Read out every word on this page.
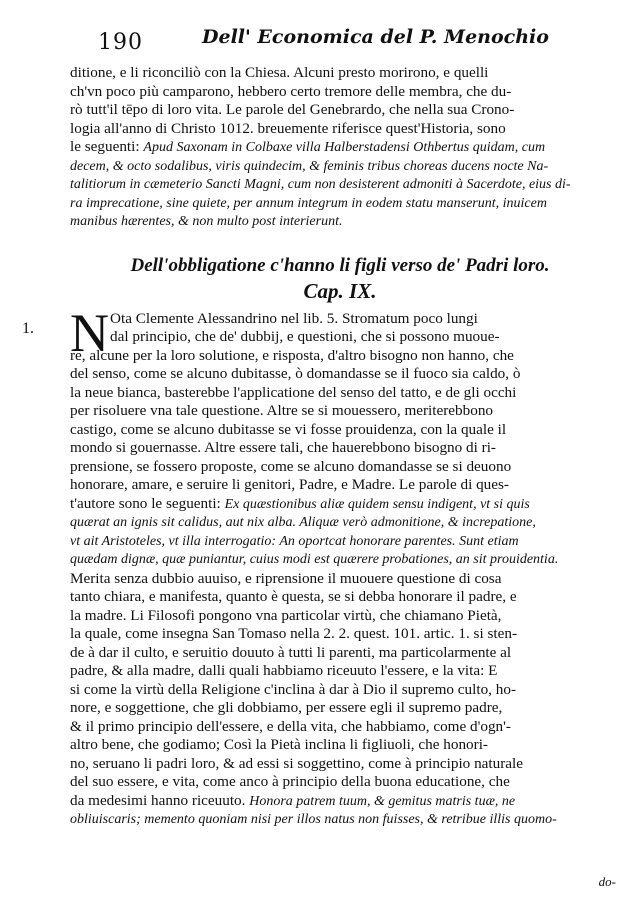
190	Dell' Economica del P. Menochio
ditione, e li riconciliò con la Chiesa. Alcuni presto morirono, e quelli
ch'vn poco più camparono, hebbero certo tremore delle membra, che du-
rò tutt'il tēpo di loro vita. Le parole del Genebrardo, che nella sua Crono-
logia all'anno di Christo 1012. breuemente riferisce quest'Historia, sono
le seguenti: Apud Saxonam in Colbaxe villa Halberstadensi Othbertus quidam, cum
decem, & octo sodalibus, viris quindecim, & feminis tribus choreas ducens nocte Na-
talitiorum in cæmeterio Sancti Magni, cum non desisterent admoniti à Sacerdote, eius di-
ra imprecatione, sine quiete, per annum integrum in eodem statu manserunt, inuicem
manibus hærentes, & non multo post interierunt.
Dell'obbligatione c'hanno li figli verso de' Padri loro.
Cap. IX.
1. N Ota Clemente Alessandrino nel lib. 5. Stromatum poco lungi
dal principio, che de' dubbij, e questioni, che si possono muoue-
re, alcune per la loro solutione, e risposta, d'altro bisogno non hanno, che
del senso, come se alcuno dubitasse, ò domandasse se il fuoco sia caldo, ò
la neue bianca, basterebbe l'applicatione del senso del tatto, e de gli occhi
per risoluere vna tale questione. Altre se si mouessero, meriterebbono
castigo, come se alcuno dubitasse se vi fosse prouidenza, con la quale il
mondo si gouernasse. Altre essere tali, che hauerebbono bisogno di ri-
prensione, se fossero proposte, come se alcuno domandasse se si deuono
honorare, amare, e seruire li genitori, Padre, e Madre. Le parole di ques-
t'autore sono le seguenti: Ex quæstionibus aliæ quidem sensu indigent, vt si quis
quærat an ignis sit calidus, aut nix alba. Aliquæ verò admonitione, & increpatione,
vt ait Aristoteles, vt illa interrogatio: An oportcat honorare parentes. Sunt etiam
quædam dignæ, quæ puniantur, cuius modi est quærere probationes, an sit prouidentia.
Merita senza dubbio auuiso, e riprensione il muouere questione di cosa
tanto chiara, e manifesta, quanto è questa, se si debba honorare il padre, e
la madre. Li Filosofi pongono vna particolar virtù, che chiamano Pietà,
la quale, come insegna San Tomaso nella 2. 2. quest. 101. artic. 1. si sten-
de à dar il culto, e seruitio douuto à tutti li parenti, ma particolarmente al
padre, & alla madre, dalli quali habbiamo riceuuto l'essere, e la vita: E
si come la virtù della Religione c'inclina à dar à Dio il supremo culto, ho-
nore, e soggettione, che gli dobbiamo, per essere egli il supremo padre,
& il primo principio dell'essere, e della vita, che habbiamo, come d'ogn'-
altro bene, che godiamo; Così la Pietà inclina li figliuoli, che honori-
no, seruano li padri loro, & ad essi si soggettino, come à principio naturale
del suo essere, e vita, come anco à principio della buona educatione, che
da medesimi hanno riceuuto. Honora patrem tuum, & gemitus matris tuæ, ne
obliuiscaris; memento quoniam nisi per illos natus non fuisses, & retribue illis quomo-
do-
